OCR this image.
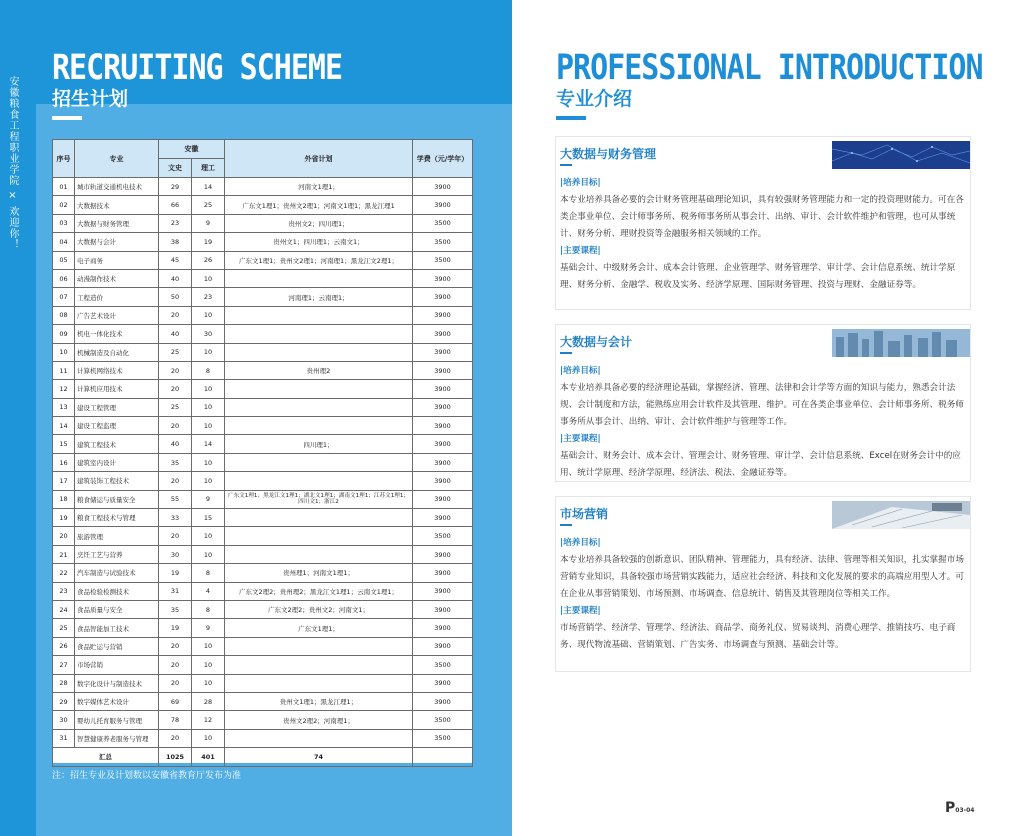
安徽粮食工程职业学院 × 欢迎你！
RECRUITING SCHEME
招生计划
序号	专业	安徽		外省计划	学费（元/学年）
		文史	理工		
01	城市轨道交通机电技术	29	14	河南文1理1；	3900
02	大数据技术	66	25	广东文1理1；贵州文2理1；河南文1理1；黑龙江理1	3900
03	大数据与财务管理	23	9	贵州文2；四川理1；	3500
04	大数据与会计	38	19	贵州文1；四川理1；云南文1；	3500
05	电子商务	45	26	广东文1理1；贵州文2理1；河南理1；黑龙江文2理1；	3500
06	动漫制作技术	40	10		3900
07	工程造价	50	23	河南理1；云南理1；	3900
08	广告艺术设计	20	10		3900
09	机电一体化技术	40	30		3900
10	机械制造及自动化	25	10		3900
11	计算机网络技术	20	8	贵州理2	3900
12	计算机应用技术	20	10		3900
13	建设工程管理	25	10		3900
14	建设工程监理	20	10		3900
15	建筑工程技术	40	14	四川理1；	3900
16	建筑室内设计	35	10		3900
17	建筑装饰工程技术	20	10		3900
18	粮食储运与质量安全	55	9	广东文1理1；黑龙江文1理1；湖北文1理1；湖南文1理1；江苏文1理1；四川文1；浙江2	3900
19	粮食工程技术与管理	33	15		3900
20	旅游管理	20	10		3500
21	烹饪工艺与营养	30	10		3900
22	汽车制造与试验技术	19	8	贵州理1；河南文1理1；	3900
23	食品检验检测技术	31	4	广东文2理2；贵州理2；黑龙江文1理1；云南文1理1；	3900
24	食品质量与安全	35	8	广东文2理2；贵州文2；河南文1；	3900
25	食品智能加工技术	19	9	广东文1理1；	3900
26	食品贮运与营销	20	10		3900
27	市场营销	20	10		3500
28	数字化设计与制造技术	20	10		3900
29	数字媒体艺术设计	69	28	贵州文1理1；黑龙江理1；	3900
30	婴幼儿托育服务与管理	78	12	贵州文2理2；河南理1；	3500
31	智慧健康养老服务与管理	20	10		3500
汇总		1025	401	74	
注：招生专业及计划数以安徽省教育厅发布为准
PROFESSIONAL INTRODUCTION
专业介绍
大数据与财务管理
|培养目标|
本专业培养具备必要的会计财务管理基础理论知识，具有较强财务管理能力和一定的投资理财能力。可在各类企事业单位、会计师事务所、税务师事务所从事会计、出纳、审计、会计软件维护和管理，也可从事统计、财务分析、理财投资等金融服务相关领域的工作。
|主要课程|
基础会计、中级财务会计、成本会计管理、企业管理学、财务管理学、审计学、会计信息系统、统计学原理、财务分析、金融学、税收及实务、经济学原理、国际财务管理、投资与理财、金融证券等。
大数据与会计
|培养目标|
本专业培养具备必要的经济理论基础，掌握经济、管理、法律和会计学等方面的知识与能力，熟悉会计法规、会计制度和方法，能熟练应用会计软件及其管理、维护。可在各类企事业单位、会计师事务所、税务师事务所从事会计、出纳、审计、会计软件维护与管理等工作。
|主要课程|
基础会计、财务会计、成本会计、管理会计、财务管理、审计学、会计信息系统、Excel在财务会计中的应用、统计学原理、经济学原理、经济法、税法、金融证券等。
市场营销
|培养目标|
本专业培养具备较强的创新意识、团队精神、管理能力，具有经济、法律、管理等相关知识，扎实掌握市场营销专业知识，具备较强市场营销实践能力，适应社会经济、科技和文化发展的要求的高端应用型人才。可在企业从事营销策划、市场预测、市场调查、信息统计、销售及其管理岗位等相关工作。
|主要课程|
市场营销学、经济学、管理学、经济法、商品学、商务礼仪、贸易谈判、消费心理学、推销技巧、电子商务、现代物流基础、营销策划、广告实务、市场调查与预测、基础会计等。
P03-04
